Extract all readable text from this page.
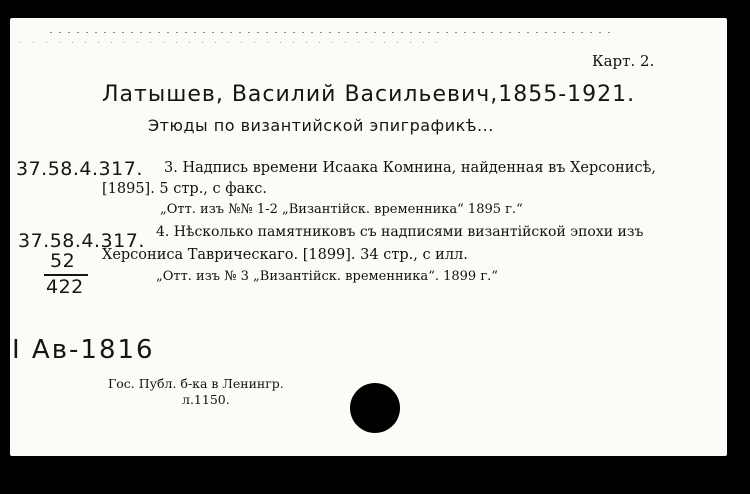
Карт. 2.
Латышев, Василий Васильевич,1855-1921.
Этюды по византийской эпиграфикѣ...
37.58.4.317. 3. Надпись времени Исаака Комнина, найденная въ Херсонисѣ,
[1895]. 5 стр., с факс.
„Отт. изъ №№ 1-2 „Византійск. временника“ 1895 г.“
37.58.4.317.
52
422
4. Нѣсколько памятниковъ съ надписями византійской эпохи изъ
Херсониса Таврическаго. [1899]. 34 стр., с илл.
„Отт. изъ № 3 „Византійск. временника“. 1899 г.“
I Ав-1816
Гос. Публ. б-ка в Ленингр.
л.1150.
